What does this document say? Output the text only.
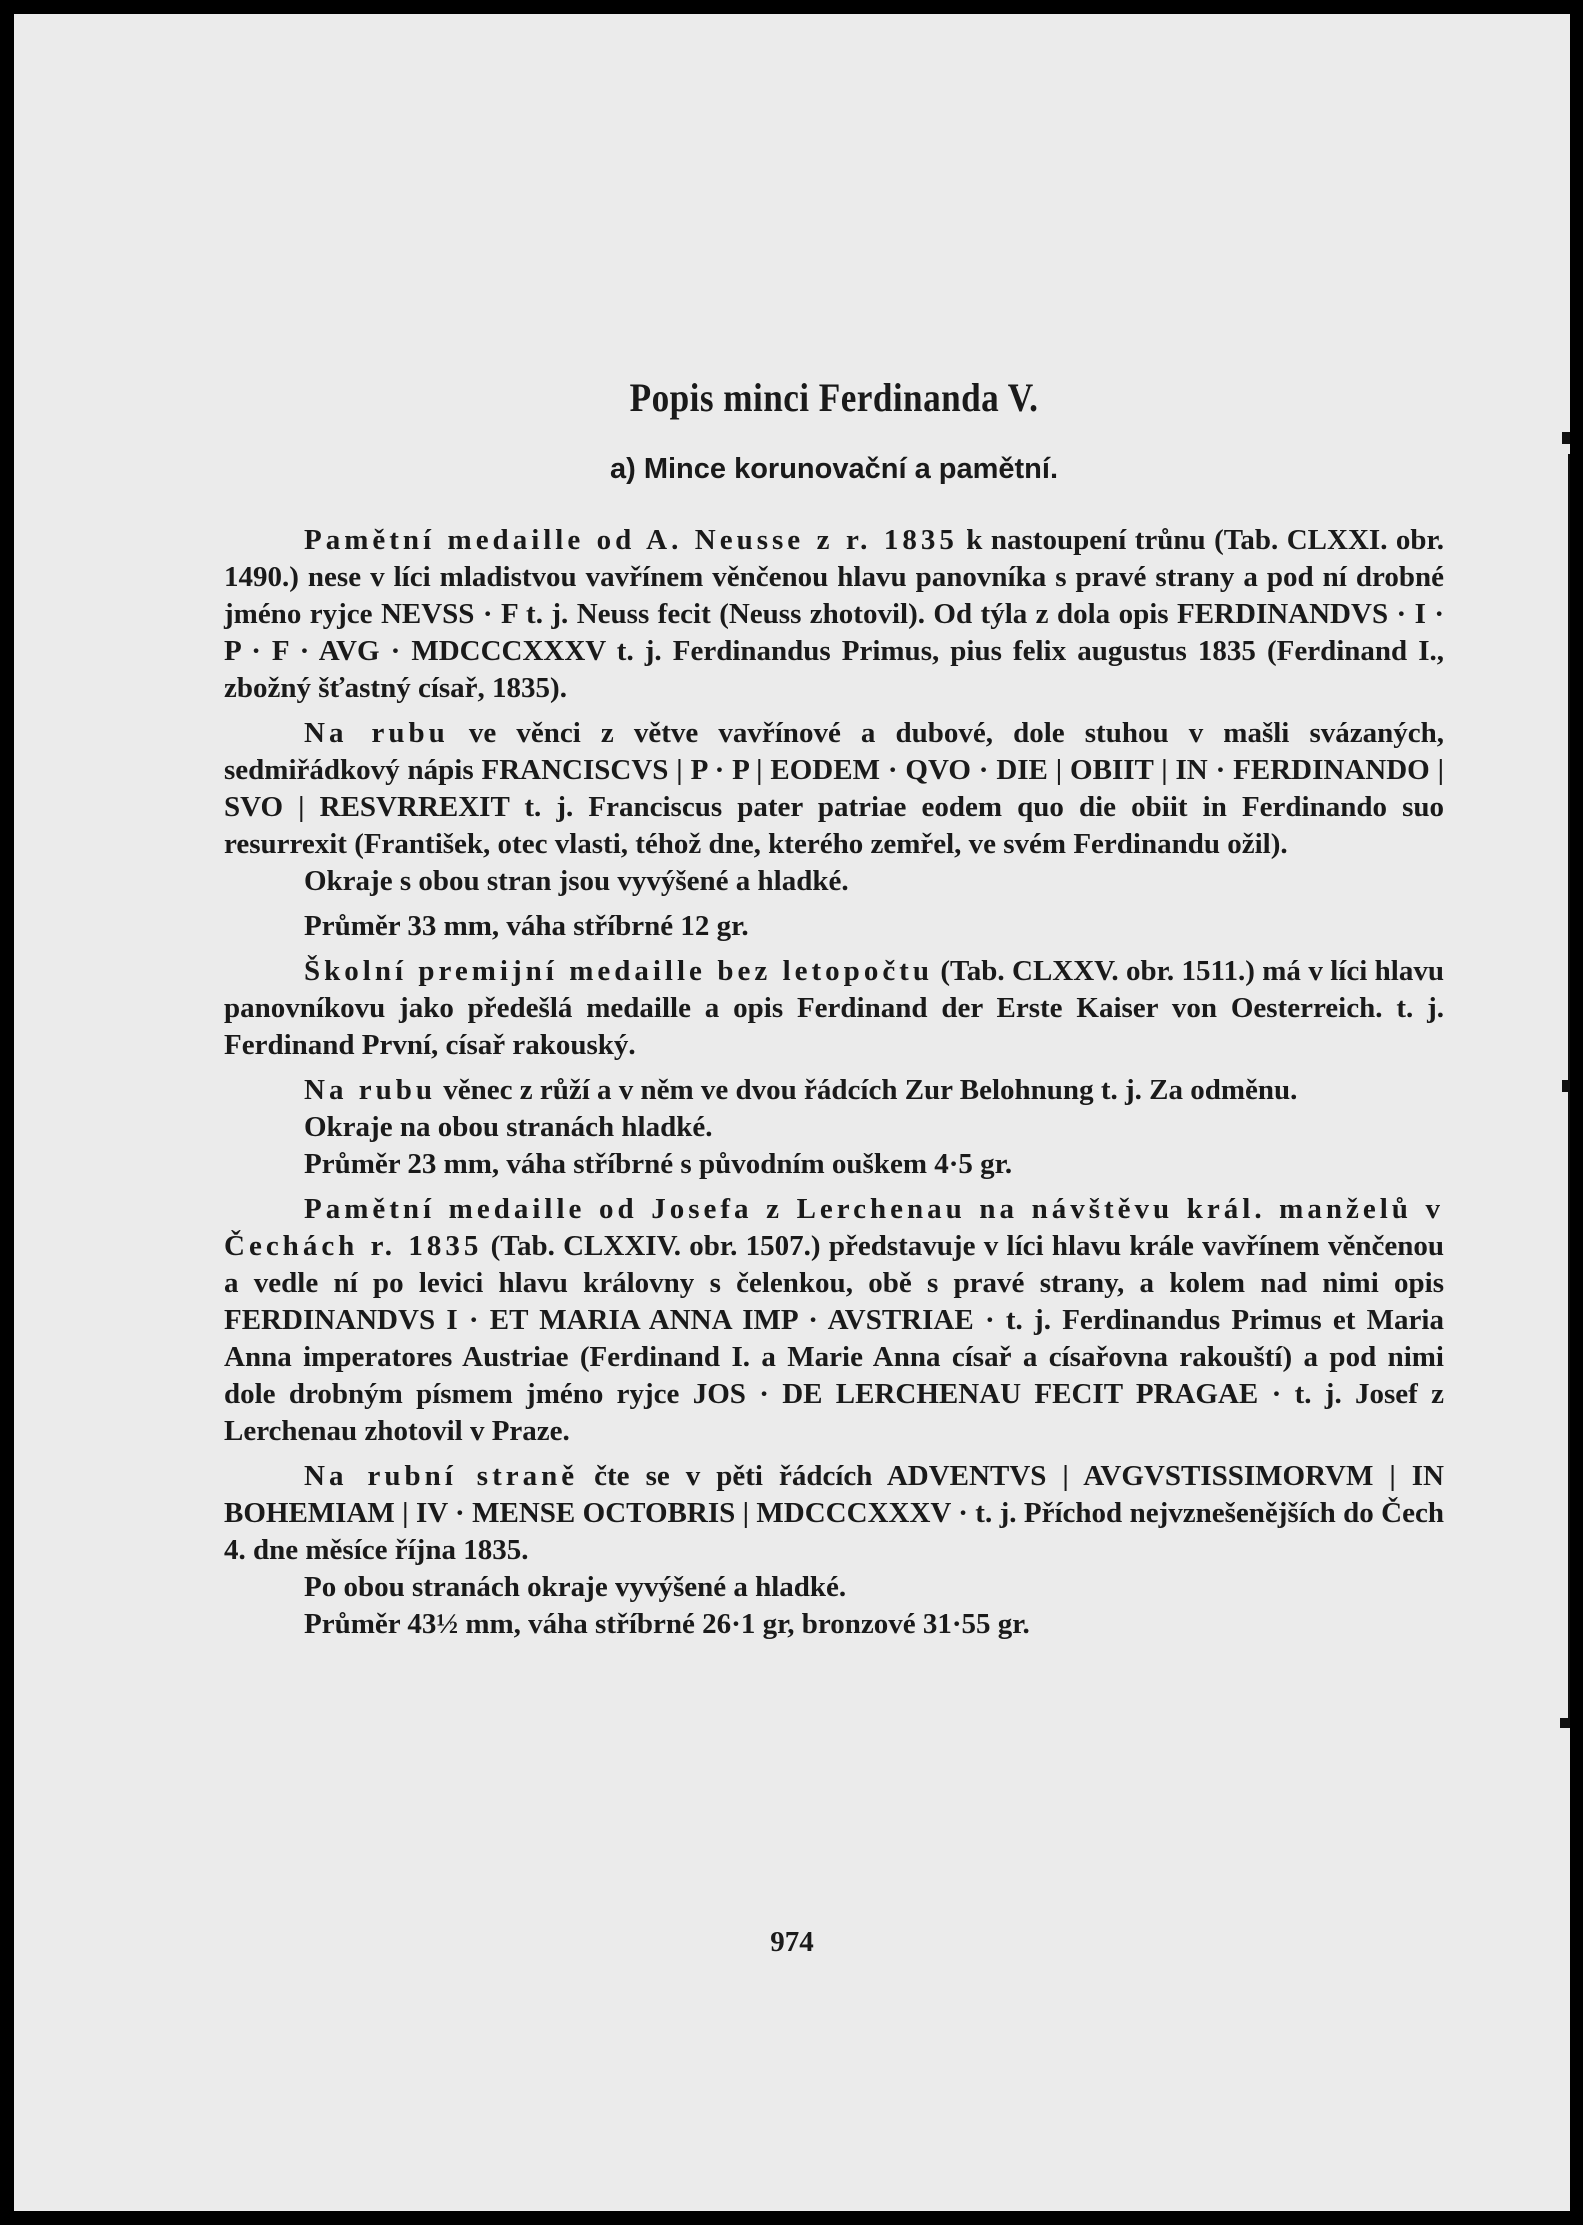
Popis minci Ferdinanda V.
a) Mince korunovační a pamětní.

Pamětní medaille od A. Neusse z r. 1835 k nastoupení trůnu (Tab. CLXXI. obr. 1490.) nese v líci mladistvou vavřínem věnčenou hlavu panovníka s pravé strany a pod ní drobné jméno ryjce NEVSS · F t. j. Neuss fecit (Neuss zhotovil). Od týla z dola opis FERDINANDVS · I · P · F · AVG · MDCCCXXXV t. j. Ferdinandus Primus, pius felix augustus 1835 (Ferdinand I., zbožný šťastný císař, 1835).

Na rubu ve věnci z větve vavřínové a dubové, dole stuhou v mašli svázaných, sedmiřádkový nápis FRANCISCVS | P · P | EODEM · QVO · DIE | OBIIT | IN · FERDINANDO | SVO | RESVRREXIT t. j. Franciscus pater patriae eodem quo die obiit in Ferdinando suo resurrexit (František, otec vlasti, téhož dne, kterého zemřel, ve svém Ferdinandu ožil).

Okraje s obou stran jsou vyvýšené a hladké.

Průměr 33 mm, váha stříbrné 12 gr.

Školní premijní medaille bez letopočtu (Tab. CLXXV. obr. 1511.) má v líci hlavu panovníkovu jako předešlá medaille a opis Ferdinand der Erste Kaiser von Oesterreich. t. j. Ferdinand První, císař rakouský.

Na rubu věnec z růží a v něm ve dvou řádcích Zur Belohnung t. j. Za odměnu.

Okraje na obou stranách hladké.

Průměr 23 mm, váha stříbrné s původním ouškem 4·5 gr.

Pamětní medaille od Josefa z Lerchenau na návštěvu král. manželů v Čechách r. 1835 (Tab. CLXXIV. obr. 1507.) představuje v líci hlavu krále vavřínem věnčenou a vedle ní po levici hlavu královny s čelenkou, obě s pravé strany, a kolem nad nimi opis FERDINANDVS I · ET MARIA ANNA IMP · AVSTRIAE · t. j. Ferdinandus Primus et Maria Anna imperatores Austriae (Ferdinand I. a Marie Anna císař a císařovna rakouští) a pod nimi dole drobným písmem jméno ryjce JOS · DE LERCHENAU FECIT PRAGAE · t. j. Josef z Lerchenau zhotovil v Praze.

Na rubní straně čte se v pěti řádcích ADVENTVS | AVGVSTISSIMORVM | IN BOHEMIAM | IV · MENSE OCTOBRIS | MDCCCXXXV · t. j. Příchod nejvznešenějších do Čech 4. dne měsíce října 1835.

Po obou stranách okraje vyvýšené a hladké.

Průměr 43½ mm, váha stříbrné 26·1 gr, bronzové 31·55 gr.

974
